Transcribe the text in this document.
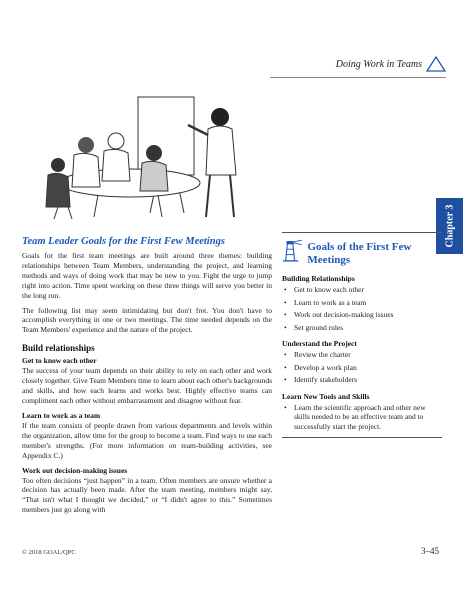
Doing Work in Teams
Chapter 3
Team Leader Goals for the First Few Meetings

Goals for the first team meetings are built around three themes: building relationships between Team Members, understanding the project, and learning methods and ways of doing work that may be new to you. Fight the urge to jump right into action. Time spent working on these three things will serve you better in the long run.

The following list may seem intimidating but don't fret. You don't have to accomplish everything in one or two meetings. The time needed depends on the Team Members' experience and the nature of the project.

Build relationships
Get to know each other

The success of your team depends on their ability to rely on each other and work closely together. Give Team Members time to learn about each other's backgrounds and skills, and how each learns and works best. Highly effective teams can compliment each other without embarrassment and disagree without fear.

Learn to work as a team

If the team consists of people drawn from various departments and levels within the organization, allow time for the group to become a team. Find ways to use each member's strengths. (For more information on team-building activities, see Appendix C.)

Work out decision-making issues

Too often decisions “just happen” in a team. Often members are unsure whether a decision has actually been made. After the team meeting, members might say, “That isn't what I thought we decided,” or “I didn't agree to this.” Sometimes members just go along with

Goals of the First Few Meetings
Building Relationships
• Get to know each other
• Learn to work as a team
• Work out decision-making issues
• Set ground rules
Understand the Project
• Review the charter
• Develop a work plan
• Identify stakeholders
Learn New Tools and Skills
• Learn the scientific approach and other new skills needed to be an effective team and to successfully start the project.
© 2018 GOAL/QPC	3–45
